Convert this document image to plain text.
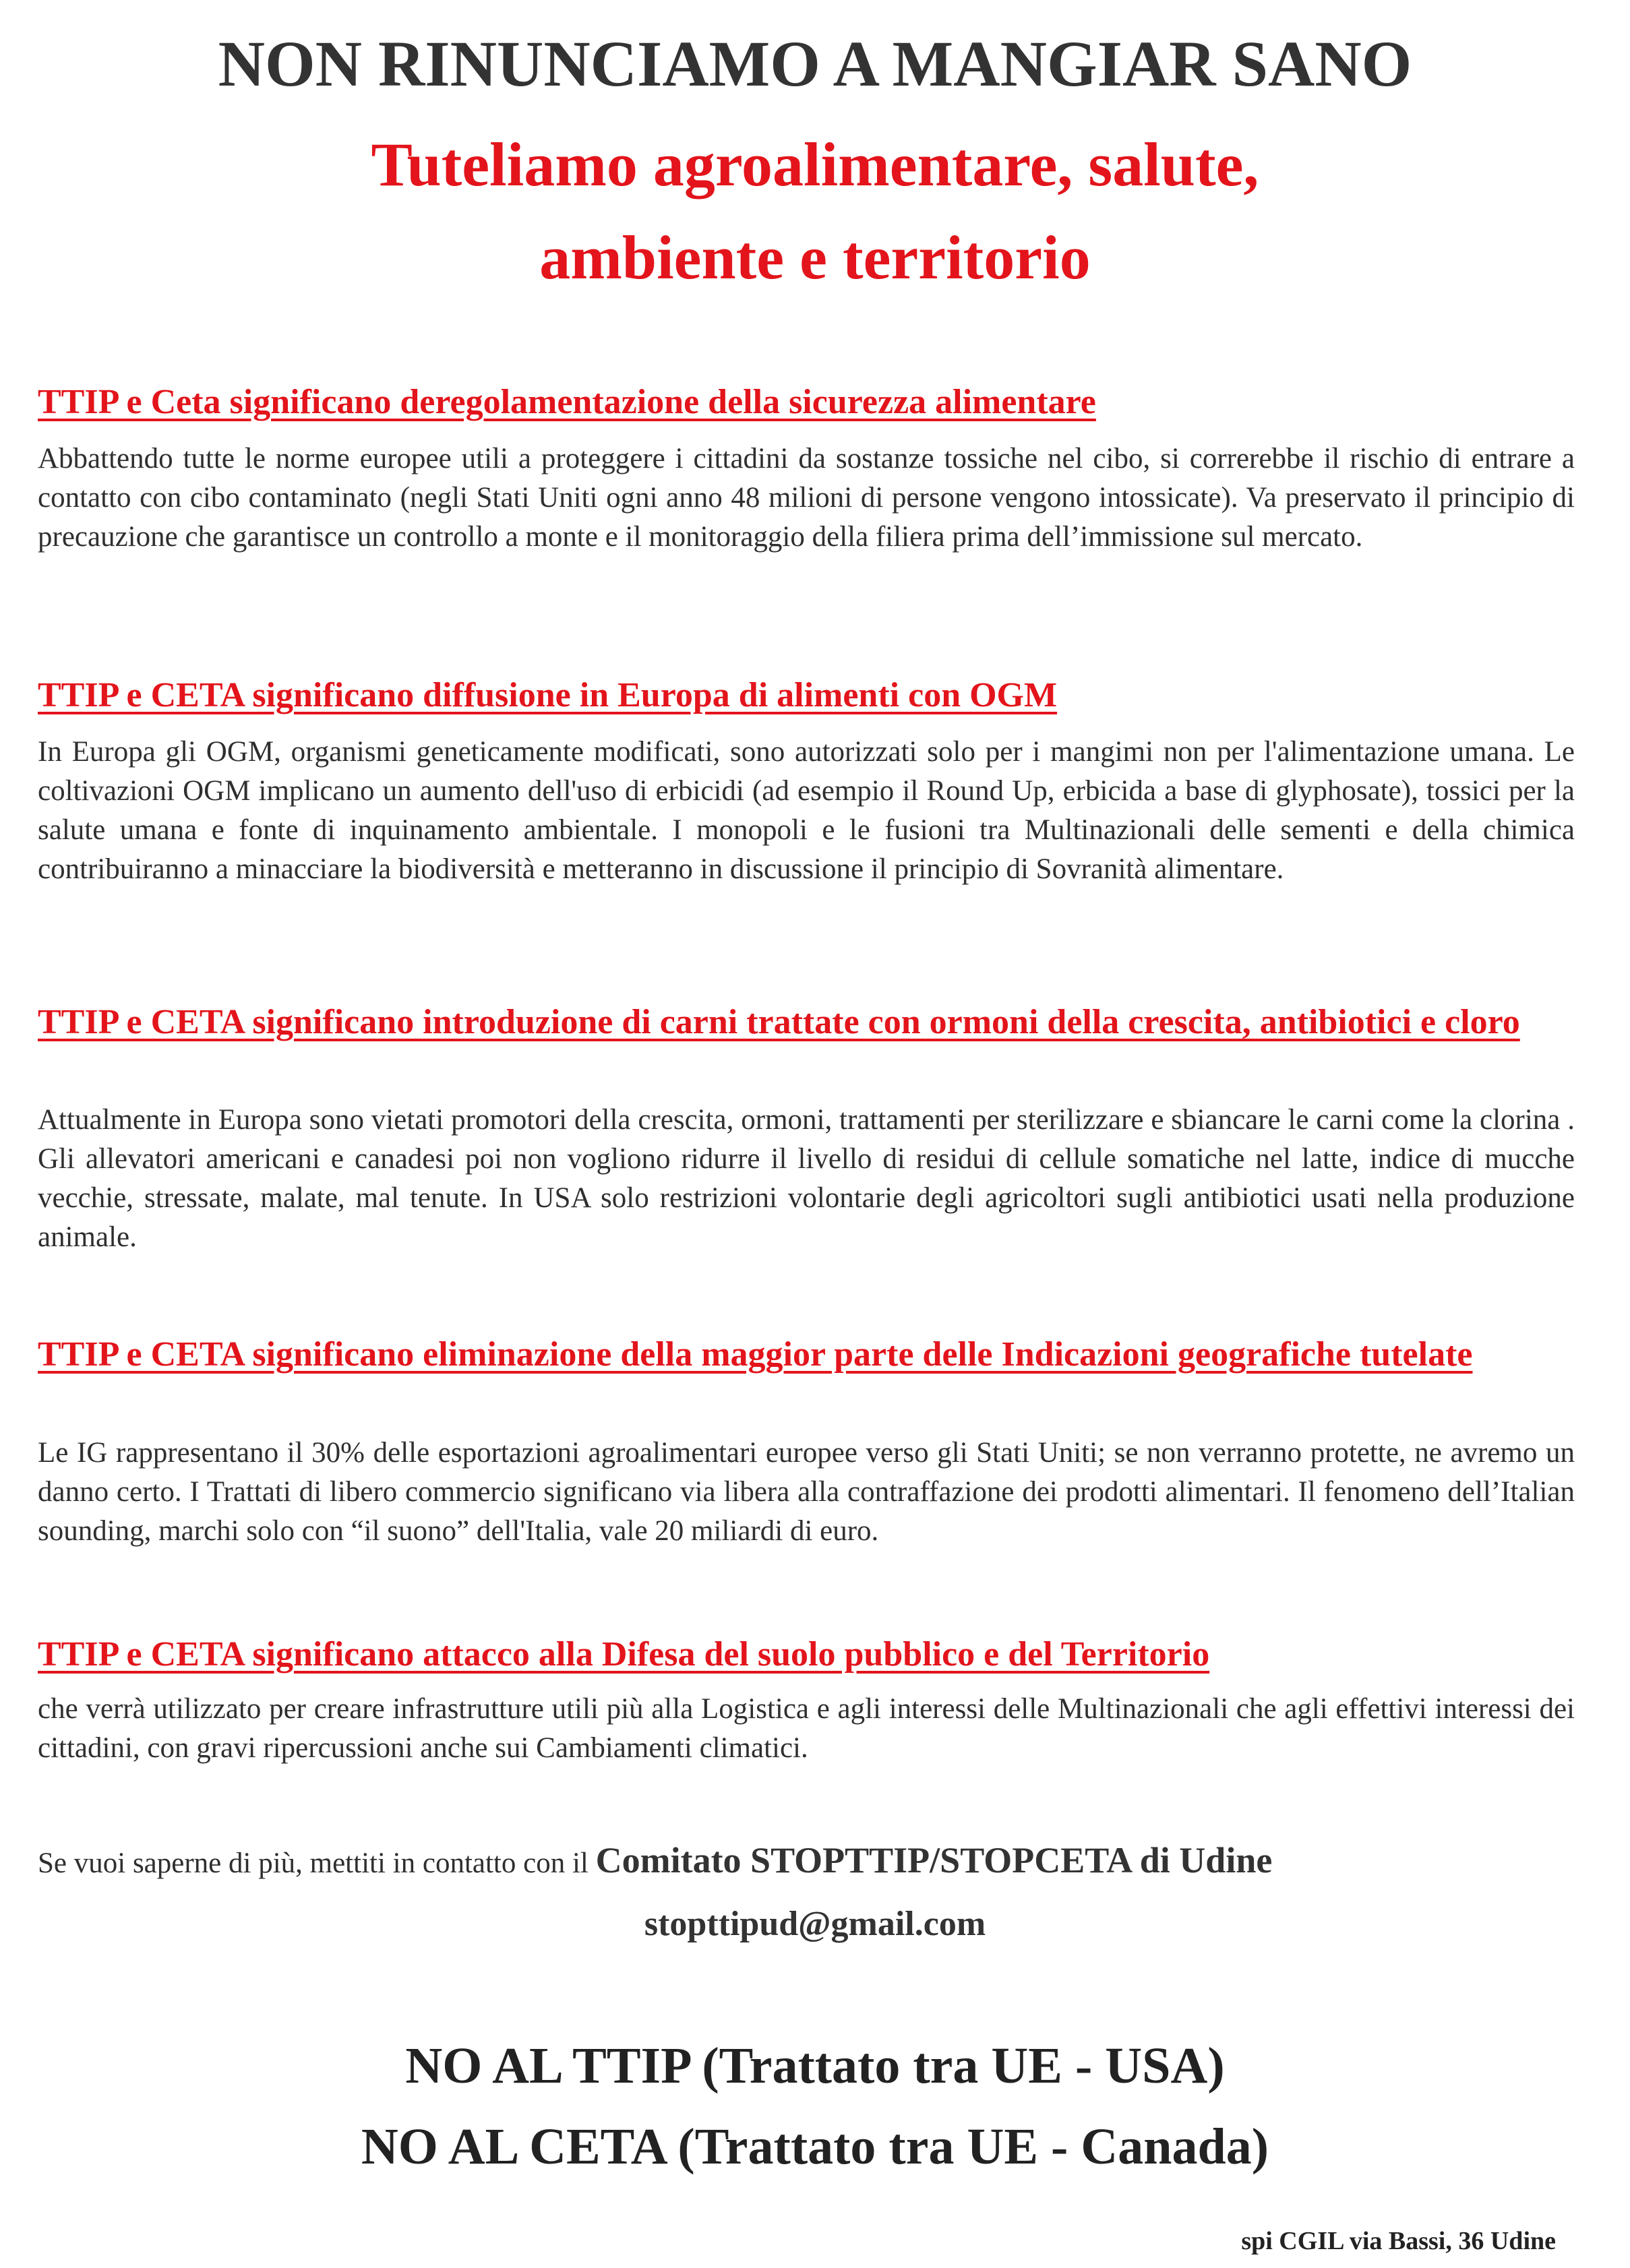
NON RINUNCIAMO A MANGIAR SANO
Tuteliamo agroalimentare, salute,
ambiente e territorio
TTIP e Ceta significano deregolamentazione della sicurezza alimentare
Abbattendo tutte le norme europee utili a proteggere i cittadini da sostanze tossiche nel cibo, si correrebbe il rischio di entrare a contatto con cibo contaminato (negli Stati Uniti ogni anno 48 milioni di persone vengono intossicate). Va preservato il principio di precauzione che garantisce un controllo a monte e il monitoraggio della filiera prima dell’immissione sul mercato.
TTIP e CETA significano diffusione in Europa di alimenti con OGM
In Europa gli OGM, organismi geneticamente modificati, sono autorizzati solo per i mangimi non per l'alimentazione umana. Le coltivazioni OGM implicano un aumento dell'uso di erbicidi (ad esempio il Round Up, erbicida a base di glyphosate), tossici per la salute umana e fonte di inquinamento ambientale. I monopoli e le fusioni tra Multinazionali delle sementi e della chimica contribuiranno a minacciare la biodiversità e metteranno in discussione il principio di Sovranità alimentare.
TTIP e CETA significano introduzione di carni trattate con ormoni della crescita, antibiotici e cloro
Attualmente in Europa sono vietati promotori della crescita, ormoni, trattamenti per sterilizzare e sbiancare le carni come la clorina . Gli allevatori americani e canadesi poi non vogliono ridurre il livello di residui di cellule somatiche nel latte, indice di mucche vecchie, stressate, malate, mal tenute. In USA solo restrizioni volontarie degli agricoltori sugli antibiotici usati nella produzione animale.
TTIP e CETA significano eliminazione della maggior parte delle Indicazioni geografiche tutelate
Le IG rappresentano il 30% delle esportazioni agroalimentari europee verso gli Stati Uniti; se non verranno protette, ne avremo un danno certo. I Trattati di libero commercio significano via libera alla contraffazione dei prodotti alimentari. Il fenomeno dell’Italian sounding, marchi solo con “il suono” dell'Italia, vale 20 miliardi di euro.
TTIP e CETA significano attacco alla Difesa del suolo pubblico e del Territorio
che verrà utilizzato per creare infrastrutture utili più alla Logistica e agli interessi delle Multinazionali che agli effettivi interessi dei cittadini, con gravi ripercussioni anche sui Cambiamenti climatici.
Se vuoi saperne di più, mettiti in contatto con il Comitato STOPTTIP/STOPCETA di Udine
stopttipud@gmail.com
NO AL TTIP (Trattato tra UE - USA)
NO AL CETA (Trattato tra UE - Canada)
spi CGIL via Bassi, 36 Udine
